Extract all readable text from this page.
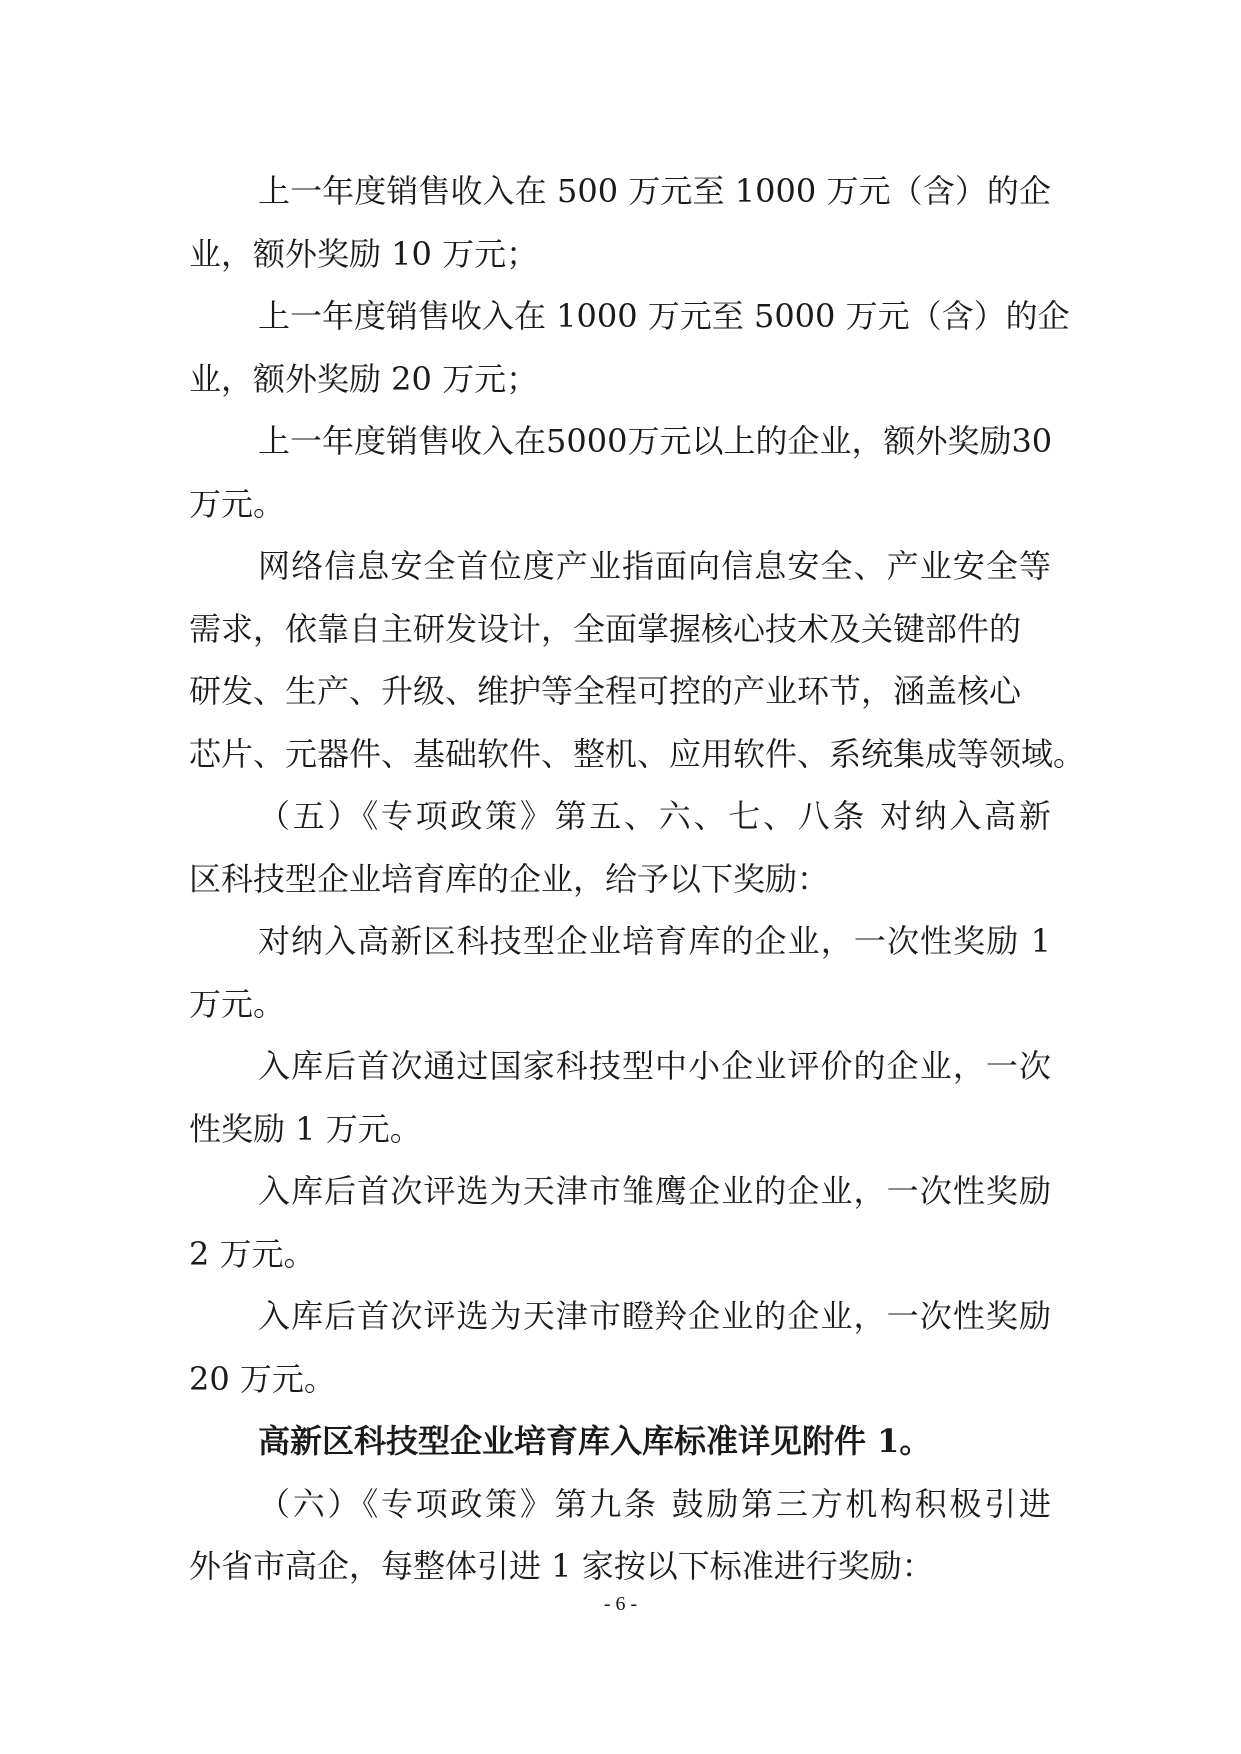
上一年度销售收入在 500 万元至 1000 万元（含）的企
业，额外奖励 10 万元；
上一年度销售收入在 1000 万元至 5000 万元（含）的企
业，额外奖励 20 万元；
上一年度销售收入在5000万元以上的企业，额外奖励30
万元。
网络信息安全首位度产业指面向信息安全、产业安全等
需求，依靠自主研发设计，全面掌握核心技术及关键部件的
研发、生产、升级、维护等全程可控的产业环节，涵盖核心
芯片、元器件、基础软件、整机、应用软件、系统集成等领域。
（五）《专项政策》第五、六、七、八条 对纳入高新
区科技型企业培育库的企业，给予以下奖励：
对纳入高新区科技型企业培育库的企业，一次性奖励 1
万元。
入库后首次通过国家科技型中小企业评价的企业，一次
性奖励 1 万元。
入库后首次评选为天津市雏鹰企业的企业，一次性奖励
2 万元。
入库后首次评选为天津市瞪羚企业的企业，一次性奖励
20 万元。
高新区科技型企业培育库入库标准详见附件 1。
（六）《专项政策》第九条 鼓励第三方机构积极引进
外省市高企，每整体引进 1 家按以下标准进行奖励：
- 6 -
